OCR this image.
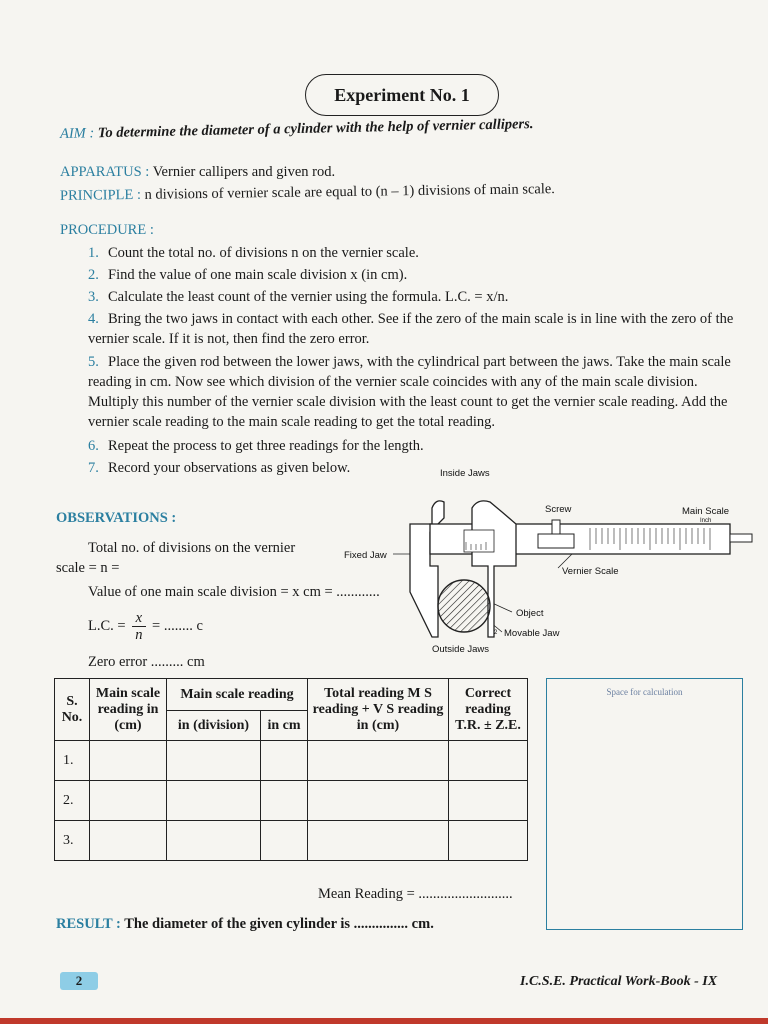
Experiment No. 1
AIM : To determine the diameter of a cylinder with the help of vernier callipers.
APPARATUS : Vernier callipers and given rod.
PRINCIPLE : n divisions of vernier scale are equal to (n – 1) divisions of main scale.
PROCEDURE :
1. Count the total no. of divisions n on the vernier scale.
2. Find the value of one main scale division x (in cm).
3. Calculate the least count of the vernier using the formula. L.C. = x/n.
4. Bring the two jaws in contact with each other. See if the zero of the main scale is in line with the zero of the vernier scale. If it is not, then find the zero error.
5. Place the given rod between the lower jaws, with the cylindrical part between the jaws. Take the main scale reading in cm. Now see which division of the vernier scale coincides with any of the main scale division. Multiply this number of the vernier scale division with the least count to get the vernier scale reading. Add the vernier scale reading to the main scale reading to get the total reading.
6. Repeat the process to get three readings for the length.
7. Record your observations as given below.
OBSERVATIONS :
Total no. of divisions on the vernier
scale = n =
Value of one main scale division = x cm = ............
L.C. = $\frac{x}{n}$ = ........ c
Zero error ......... cm
Inside Jaws
Screw	Main Scale
Inch
Fixed Jaw
Vernier Scale
Object
Movable Jaw
Outside Jaws
$_2$
S. No.	Main scale reading in (cm)	Main scale reading		Total reading M S reading + V S reading in (cm)	Correct reading T.R. ± Z.E.
		in (division)	in cm		
1.					
2.					
3.					
Space for calculation
Mean Reading = ..........................
RESULT : The diameter of the given cylinder is ............... cm.
2	I.C.S.E. Practical Work-Book - IX
